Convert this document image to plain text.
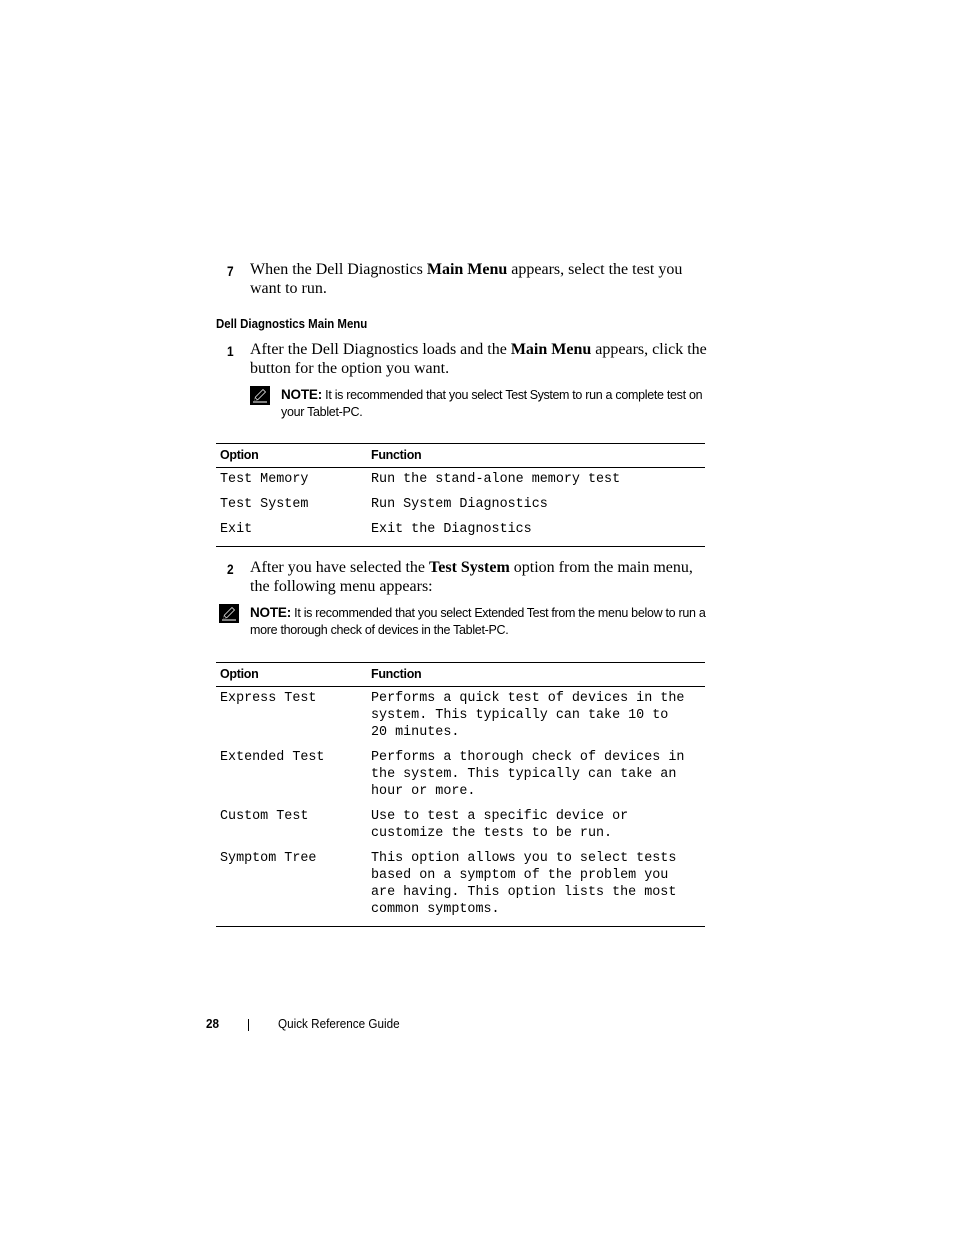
7 When the Dell Diagnostics Main Menu appears, select the test you want to run.
Dell Diagnostics Main Menu
1 After the Dell Diagnostics loads and the Main Menu appears, click the button for the option you want.
NOTE: It is recommended that you select Test System to run a complete test on your Tablet-PC.
Option	Function
Test Memory	Run the stand-alone memory test
Test System	Run System Diagnostics
Exit	Exit the Diagnostics
2 After you have selected the Test System option from the main menu, the following menu appears:
NOTE: It is recommended that you select Extended Test from the menu below to run a more thorough check of devices in the Tablet-PC.
Option	Function
Express Test	Performs a quick test of devices in the
system. This typically can take 10 to
20 minutes.
Extended Test	Performs a thorough check of devices in
the system. This typically can take an
hour or more.
Custom Test	Use to test a specific device or
customize the tests to be run.
Symptom Tree	This option allows you to select tests
based on a symptom of the problem you
are having. This option lists the most
common symptoms.
28	Quick Reference Guide
